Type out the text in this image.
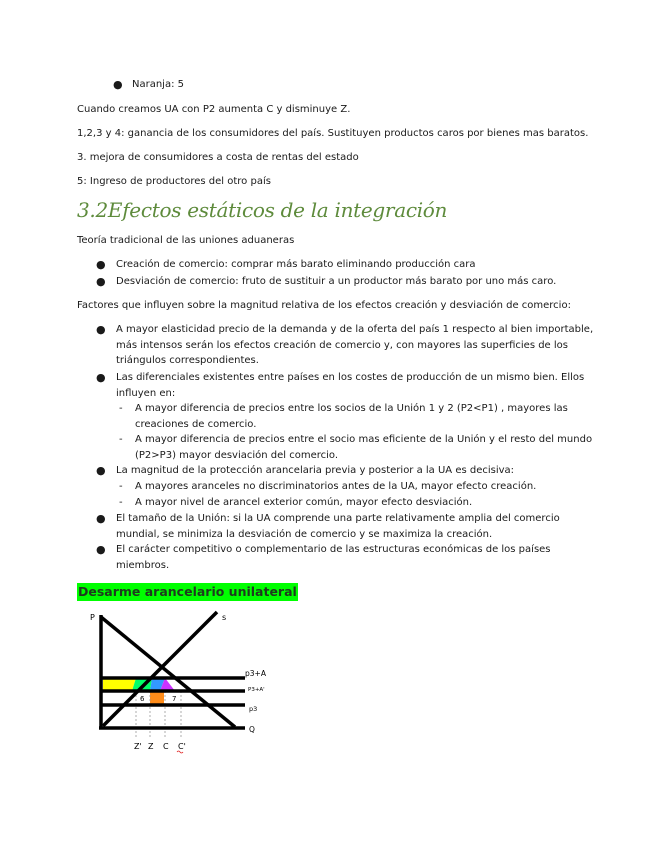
● Naranja: 5
Cuando creamos UA con P2 aumenta C y disminuye Z.
1,2,3 y 4: ganancia de los consumidores del país. Sustituyen productos caros por bienes mas baratos.
3. mejora de consumidores a costa de rentas del estado
5: Ingreso de productores del otro país
3.2Efectos estáticos de la integración
Teoría tradicional de las uniones aduaneras
● Creación de comercio: comprar más barato eliminando producción cara
● Desviación de comercio: fruto de sustituir a un productor más barato por uno más caro.
Factores que influyen sobre la magnitud relativa de los efectos creación y desviación de comercio:
● A mayor elasticidad precio de la demanda y de la oferta del país 1 respecto al bien importable,
más intensos serán los efectos creación de comercio y, con mayores las superficies de los
triángulos correspondientes.
● Las diferenciales existentes entre países en los costes de producción de un mismo bien. Ellos
influyen en:
- A mayor diferencia de precios entre los socios de la Unión 1 y 2 (P2<P1) , mayores las
creaciones de comercio.
- A mayor diferencia de precios entre el socio mas eficiente de la Unión y el resto del mundo
(P2>P3) mayor desviación del comercio.
● La magnitud de la protección arancelaria previa y posterior a la UA es decisiva:
- A mayores aranceles no discriminatorios antes de la UA, mayor efecto creación.
- A mayor nivel de arancel exterior común, mayor efecto desviación.
● El tamaño de la Unión: si la UA comprende una parte relativamente amplia del comercio
mundial, se minimiza la desviación de comercio y se maximiza la creación.
● El carácter competitivo o complementario de las estructuras económicas de los países
miembros.
Desarme arancelario unilateral
P	s
p3+A
P3+A'
p3
Q
6	7
Z' Z C C'
